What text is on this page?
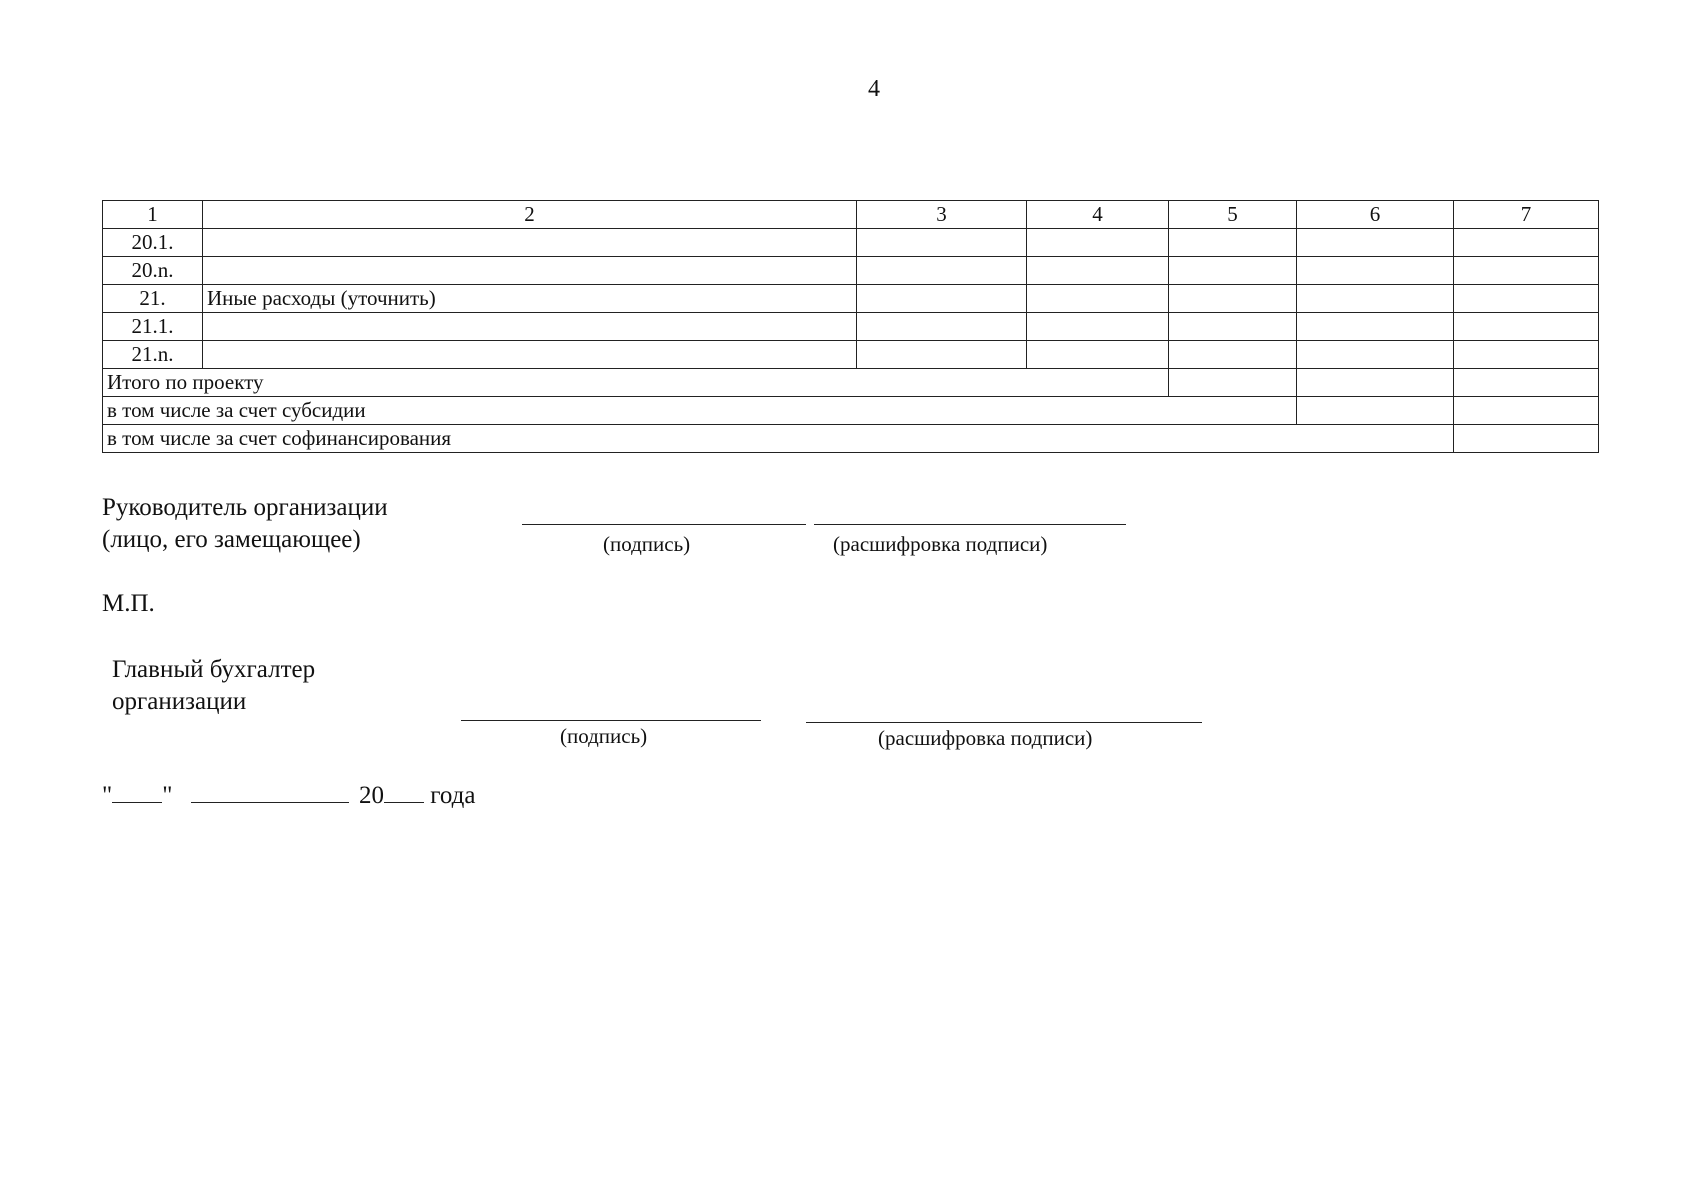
4
1	2	3	4	5	6	7
20.1.						
20.n.						
21.	Иные расходы (уточнить)					
21.1.						
21.n.						
Итого по проекту						
в том числе за счет субсидии						
в том числе за счет софинансирования						
Руководитель организации
(лицо, его замещающее)	(подпись)	(расшифровка подписи)
М.П.
Главный бухгалтер
организации
(подпись)	(расшифровка подписи)
" "	20 года
